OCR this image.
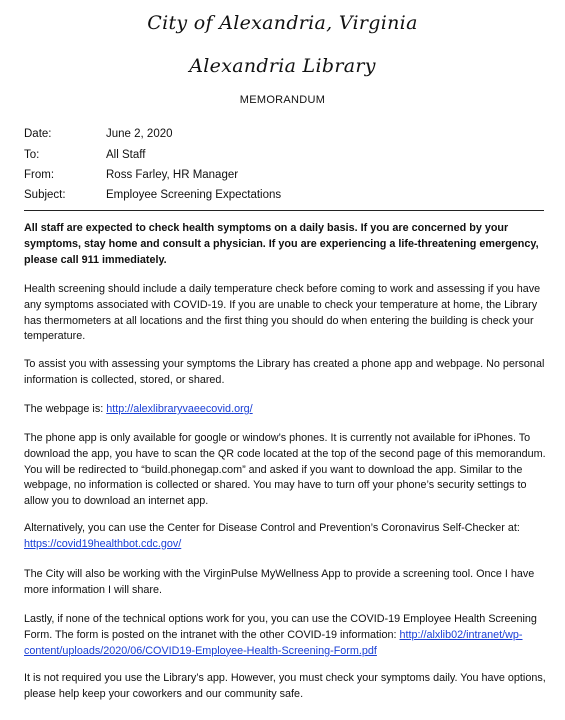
City of Alexandria, Virginia
Alexandria Library
MEMORANDUM
Date:	June 2, 2020
To:	All Staff
From:	Ross Farley, HR Manager
Subject:	Employee Screening Expectations

All staff are expected to check health symptoms on a daily basis. If you are concerned by your symptoms, stay home and consult a physician. If you are experiencing a life-threatening emergency, please call 911 immediately.

Health screening should include a daily temperature check before coming to work and assessing if you have any symptoms associated with COVID-19. If you are unable to check your temperature at home, the Library has thermometers at all locations and the first thing you should do when entering the building is check your temperature.

To assist you with assessing your symptoms the Library has created a phone app and webpage. No personal information is collected, stored, or shared.

The webpage is: http://alexlibraryvaeecovid.org/

The phone app is only available for google or window’s phones. It is currently not available for iPhones. To download the app, you have to scan the QR code located at the top of the second page of this memorandum. You will be redirected to “build.phonegap.com” and asked if you want to download the app. Similar to the webpage, no information is collected or shared. You may have to turn off your phone’s security settings to allow you to download an internet app.

Alternatively, you can use the Center for Disease Control and Prevention’s Coronavirus Self-Checker at: https://covid19healthbot.cdc.gov/

The City will also be working with the VirginPulse MyWellness App to provide a screening tool. Once I have more information I will share.

Lastly, if none of the technical options work for you, you can use the COVID-19 Employee Health Screening Form. The form is posted on the intranet with the other COVID-19 information: http://alxlib02/intranet/wp-content/uploads/2020/06/COVID19-Employee-Health-Screening-Form.pdf

It is not required you use the Library’s app. However, you must check your symptoms daily. You have options, please help keep your coworkers and our community safe.
